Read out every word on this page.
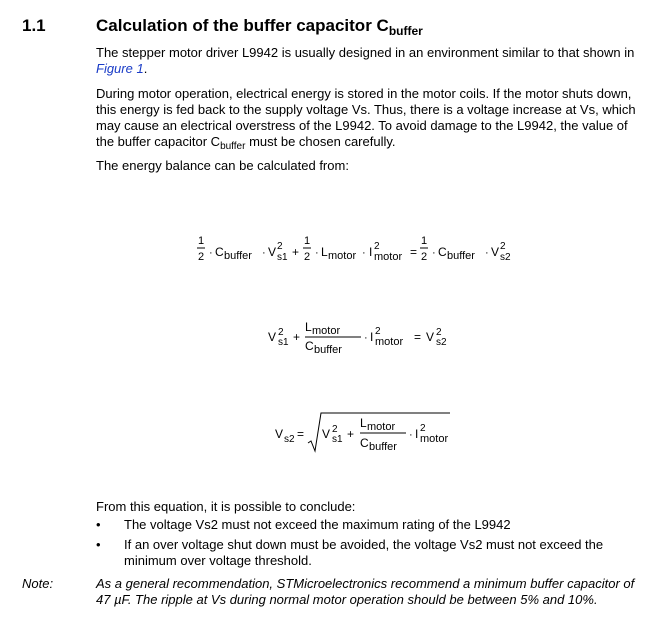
1.1	Calculation of the buffer capacitor $C_{buffer}$
The stepper motor driver L9942 is usually designed in an environment similar to that shown in Figure 1.
During motor operation, electrical energy is stored in the motor coils. If the motor shuts down, this energy is fed back to the supply voltage Vs. Thus, there is a voltage increase at Vs, which may cause an electrical overstress of the L9942. To avoid damage to the L9942, the value of the buffer capacitor $C_{buffer}$ must be chosen carefully.
The energy balance can be calculated from:
1
2 · C buffer · V 2
s1 +
1
2 · L motor · I 2
motor =
1
2 · C buffer · V 2
s2
V 2
s1 +
L motor
C buffer
· I 2
motor = V 2
s2
V s2 = V 2
s1 +
L motor
C buffer
· I 2
motor
From this equation, it is possible to conclude:
• The voltage Vs2 must not exceed the maximum rating of the L9942
• If an over voltage shut down must be avoided, the voltage Vs2 must not exceed the minimum over voltage threshold.
Note:	As a general recommendation, STMicroelectronics recommend a minimum buffer capacitor of 47 µF. The ripple at Vs during normal motor operation should be between 5% and 10%.
